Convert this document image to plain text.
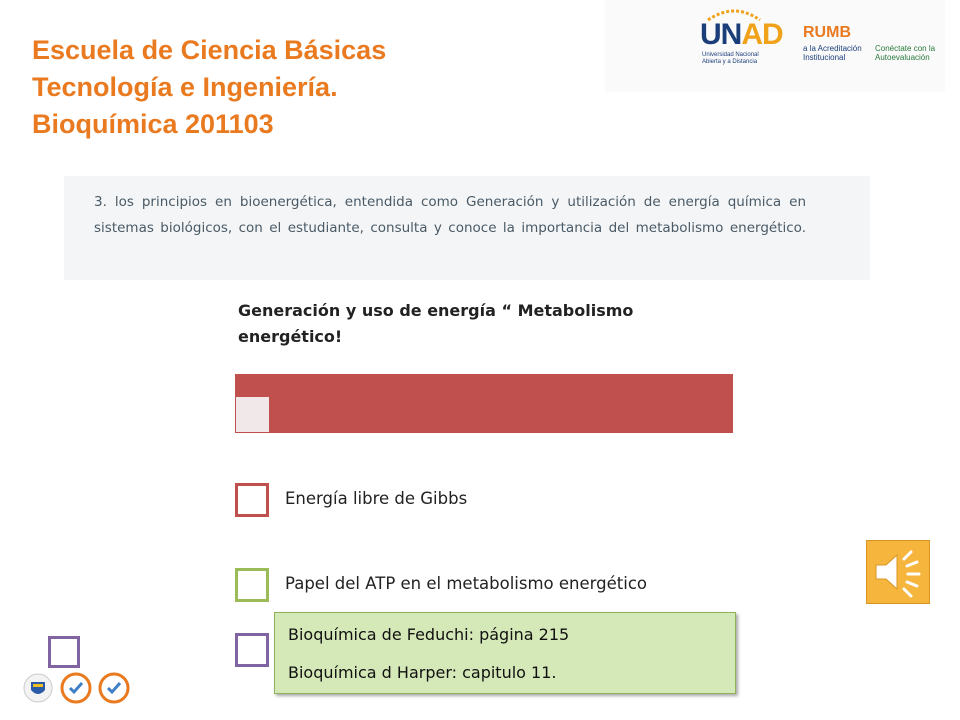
Escuela de Ciencia Básicas
Tecnología e Ingeniería.
Bioquímica 201103
UNAD
Universidad Nacional
Abierta y a Distancia
RUMB
a la Acreditación
Institucional
Conéctate con la
Autoevaluación
3. los principios en bioenergética, entendida como Generación y utilización de energía química en sistemas biológicos, con el estudiante, consulta y conoce la importancia del metabolismo energético.
Generación y uso de energía “ Metabolismo energético!
Energía libre de Gibbs
Papel del ATP en el metabolismo energético
Bioquímica de Feduchi: página 215
Bioquímica d Harper: capitulo 11.
